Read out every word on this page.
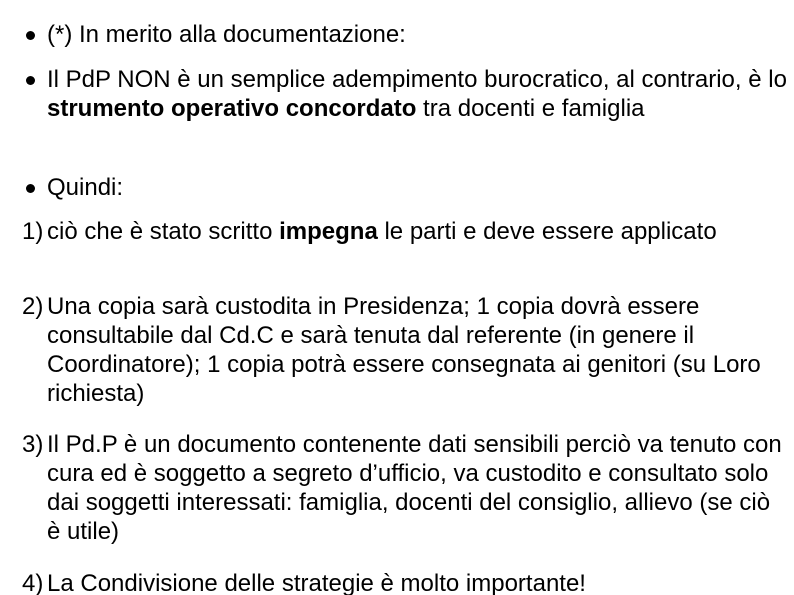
(*) In merito alla documentazione:
Il PdP NON è un semplice adempimento burocratico, al contrario, è lo strumento operativo concordato tra docenti e famiglia
Quindi:
1) ciò che è stato scritto impegna le parti e deve essere applicato
2) Una copia sarà custodita in Presidenza; 1 copia dovrà essere consultabile dal Cd.C e sarà tenuta dal referente (in genere il Coordinatore); 1 copia potrà essere consegnata ai genitori (su Loro richiesta)
3) Il Pd.P è un documento contenente dati sensibili perciò va tenuto con cura ed è soggetto a segreto d’ufficio, va custodito e consultato solo dai soggetti interessati: famiglia, docenti del consiglio, allievo (se ciò è utile)
4) La Condivisione delle strategie è molto importante!
